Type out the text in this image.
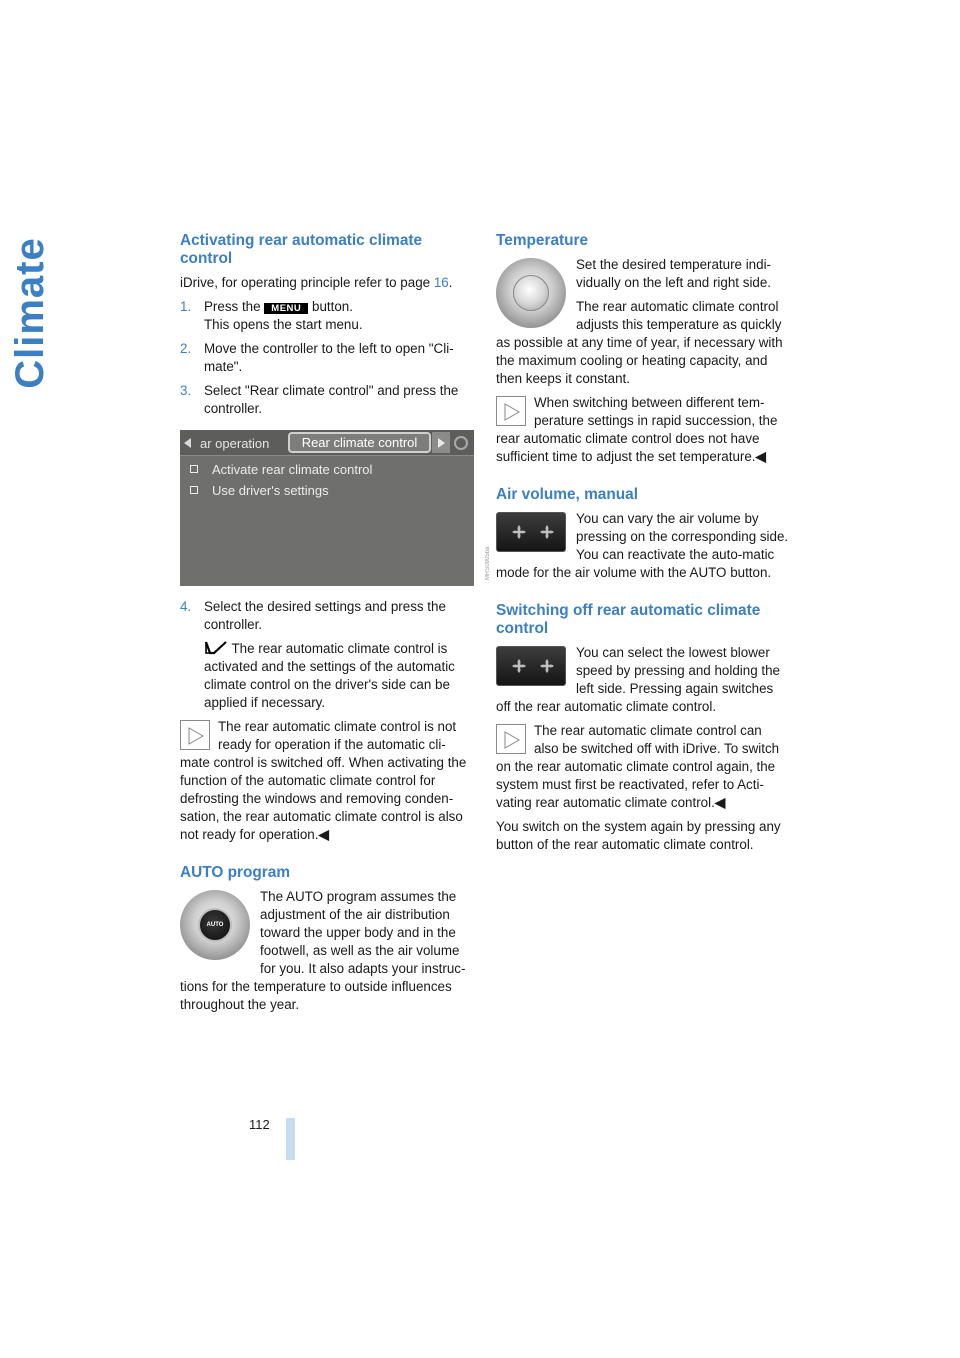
Climate	Activating rear automatic climate control

iDrive, for operating principle refer to page 16.

1. Press the MENU button.
This opens the start menu.
2. Move the controller to the left to open "Cli-mate".
3. Select "Rear climate control" and press the controller.
ar operation	Rear climate control
Activate rear climate control
Use driver's settings
4. Select the desired settings and press the controller.

The rear automatic climate control is activated and the settings of the automatic climate control on the driver's side can be applied if necessary.

The rear automatic climate control is not ready for operation if the automatic cli-mate control is switched off. When activating the function of the automatic climate control for defrosting the windows and removing conden-sation, the rear automatic climate control is also not ready for operation.◀
AUTO program
AUTO

The AUTO program assumes the adjustment of the air distribution toward the upper body and in the footwell, as well as the air volume for you. It also adapts your instruc-tions for the temperature to outside influences throughout the year.

MRS0905ba
Temperature

Set the desired temperature indi-vidually on the left and right side.

The rear automatic climate control adjusts this temperature as quickly as possible at any time of year, if necessary with the maximum cooling or heating capacity, and then keeps it constant.

When switching between different tem-perature settings in rapid succession, the rear automatic climate control does not have sufficient time to adjust the set temperature.◀
Air volume, manual

You can vary the air volume by pressing on the corresponding side. You can reactivate the auto-matic mode for the air volume with the AUTO button.

Switching off rear automatic climate control

You can select the lowest blower speed by pressing and holding the left side. Pressing again switches off the rear automatic climate control.

The rear automatic climate control can also be switched off with iDrive. To switch on the rear automatic climate control again, the system must first be reactivated, refer to Acti-vating rear automatic climate control.◀

You switch on the system again by pressing any button of the rear automatic climate control.

112
